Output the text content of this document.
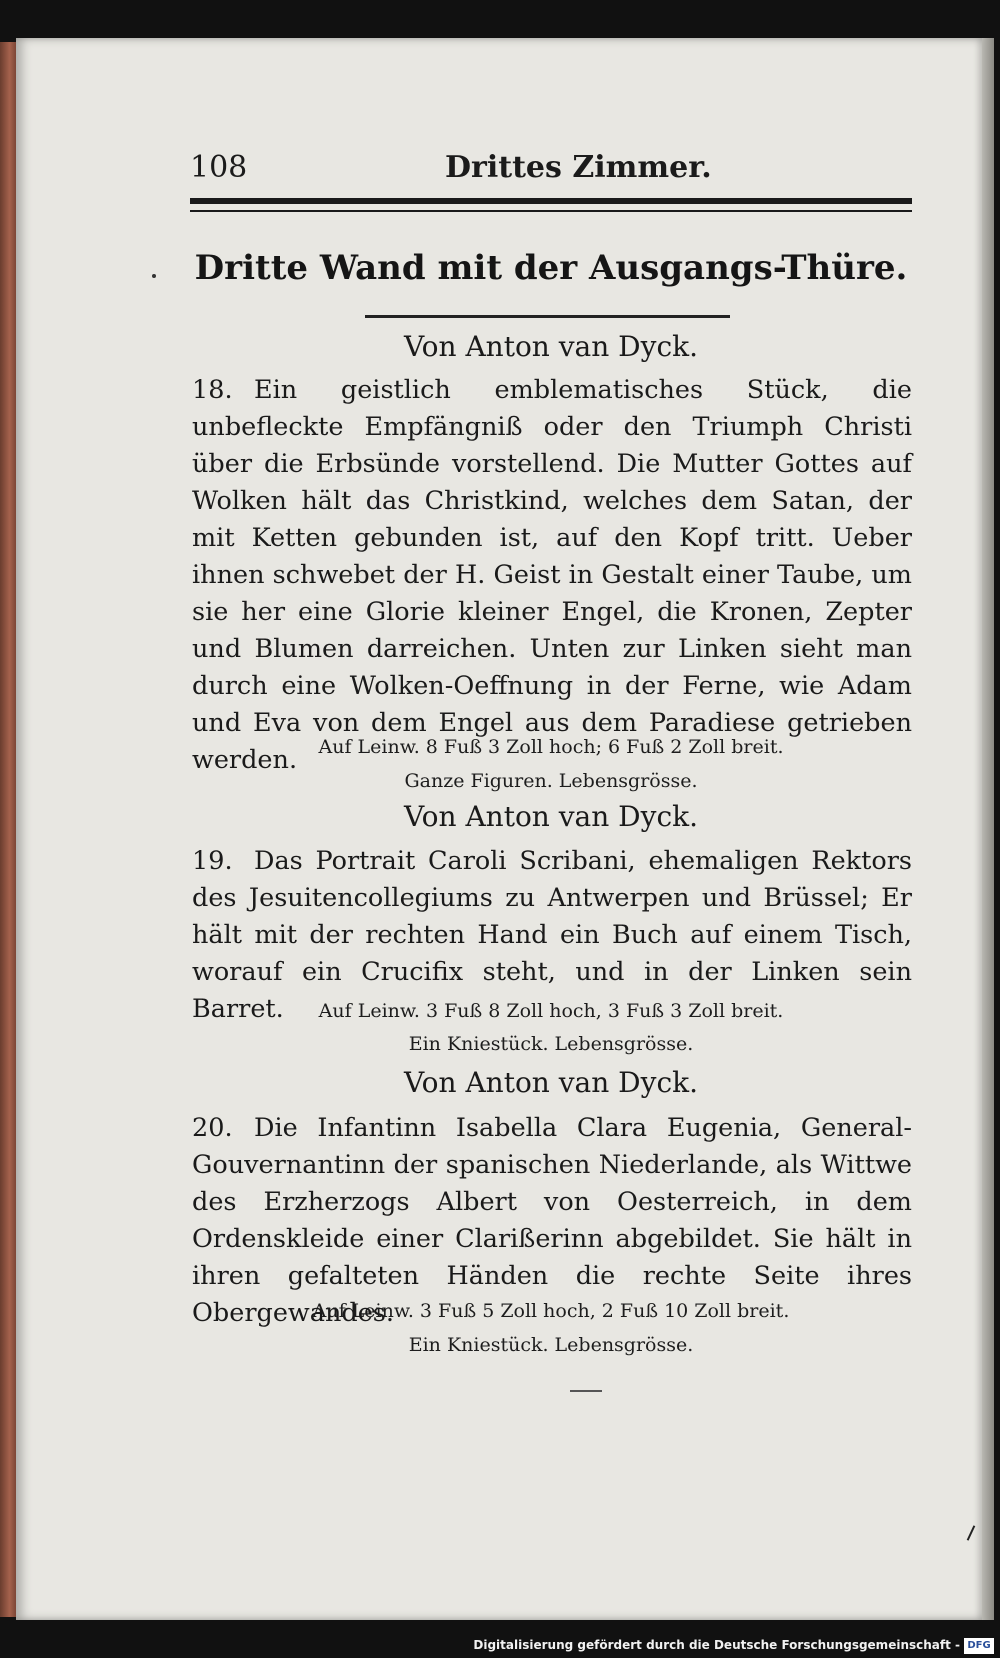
108	Drittes Zimmer.
Dritte Wand mit der Ausgangs-Thüre.
Von Anton van Dyck.
18. Ein geistlich emblematisches Stück, die unbefleckte Empfängniß oder den Triumph Christi über die Erbsünde vorstellend. Die Mutter Gottes auf Wolken hält das Christkind, welches dem Satan, der mit Ketten gebunden ist, auf den Kopf tritt. Ueber ihnen schwebet der H. Geist in Gestalt einer Taube, um sie her eine Glorie kleiner Engel, die Kronen, Zepter und Blumen darreichen. Unten zur Linken sieht man durch eine Wolken-Oeffnung in der Ferne, wie Adam und Eva von dem Engel aus dem Paradiese getrieben werden.	Auf Leinw. 8 Fuß 3 Zoll hoch; 6 Fuß 2 Zoll breit.
Ganze Figuren. Lebensgrösse.
Von Anton van Dyck.
19. Das Portrait Caroli Scribani, ehemaligen Rektors des Jesuitencollegiums zu Antwerpen und Brüssel; Er hält mit der rechten Hand ein Buch auf einem Tisch, worauf ein Crucifix steht, und in der Linken sein Barret.	Auf Leinw. 3 Fuß 8 Zoll hoch, 3 Fuß 3 Zoll breit.
Ein Kniestück. Lebensgrösse.
Von Anton van Dyck.
20. Die Infantinn Isabella Clara Eugenia, General-Gouvernantinn der spanischen Niederlande, als Wittwe des Erzherzogs Albert von Oesterreich, in dem Ordenskleide einer Clarißerinn abgebildet. Sie hält in ihren gefalteten Händen die rechte Seite ihres Obergewandes.
Auf Leinw. 3 Fuß 5 Zoll hoch, 2 Fuß 10 Zoll breit.
Ein Kniestück. Lebensgrösse.
Digitalisierung gefördert durch die Deutsche Forschungsgemeinschaft - DFG
